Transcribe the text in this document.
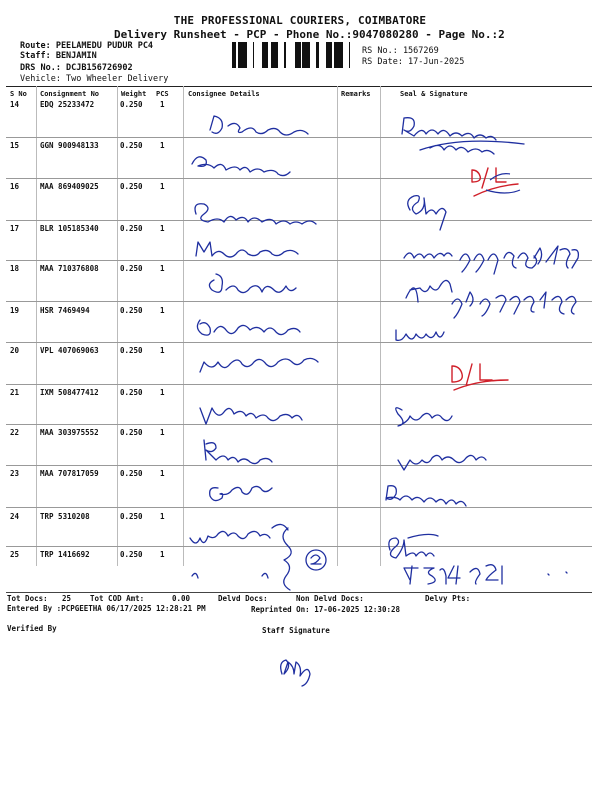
THE PROFESSIONAL COURIERS, COIMBATORE
Delivery Runsheet - PCP - Phone No.:9047080280 - Page No.:2
Route: PEELAMEDU PUDUR PC4
Staff: BENJAMIN
DRS No.: DCJB156726902
Vehicle: Two Wheeler Delivery
RS No.: 1567269
RS Date: 17-Jun-2025
S No Consignment No	Weight PCS	Consignee Details	Remarks	Seal & Signature
14	EDQ 25233472	0.250 1
15	GGN 900948133	0.250 1
16	MAA 869409025	0.250 1
17	BLR 105185340	0.250 1
18	MAA 710376808	0.250 1
19	HSR 7469494	0.250 1
20	VPL 407069063	0.250 1
21	IXM 508477412	0.250 1
22	MAA 303975552	0.250 1
23	MAA 707817059	0.250 1
24	TRP 5310208	0.250 1
25	TRP 1416692	0.250 1
Tot Docs: 25	Tot COD Amt:	0.00	Delvd Docs:	Non Delvd Docs:	Delvy Pts:
Entered By :PCPGEETHA 06/17/2025 12:28:21 PM	Reprinted On: 17-06-2025 12:30:28
Verified By	Staff Signature
